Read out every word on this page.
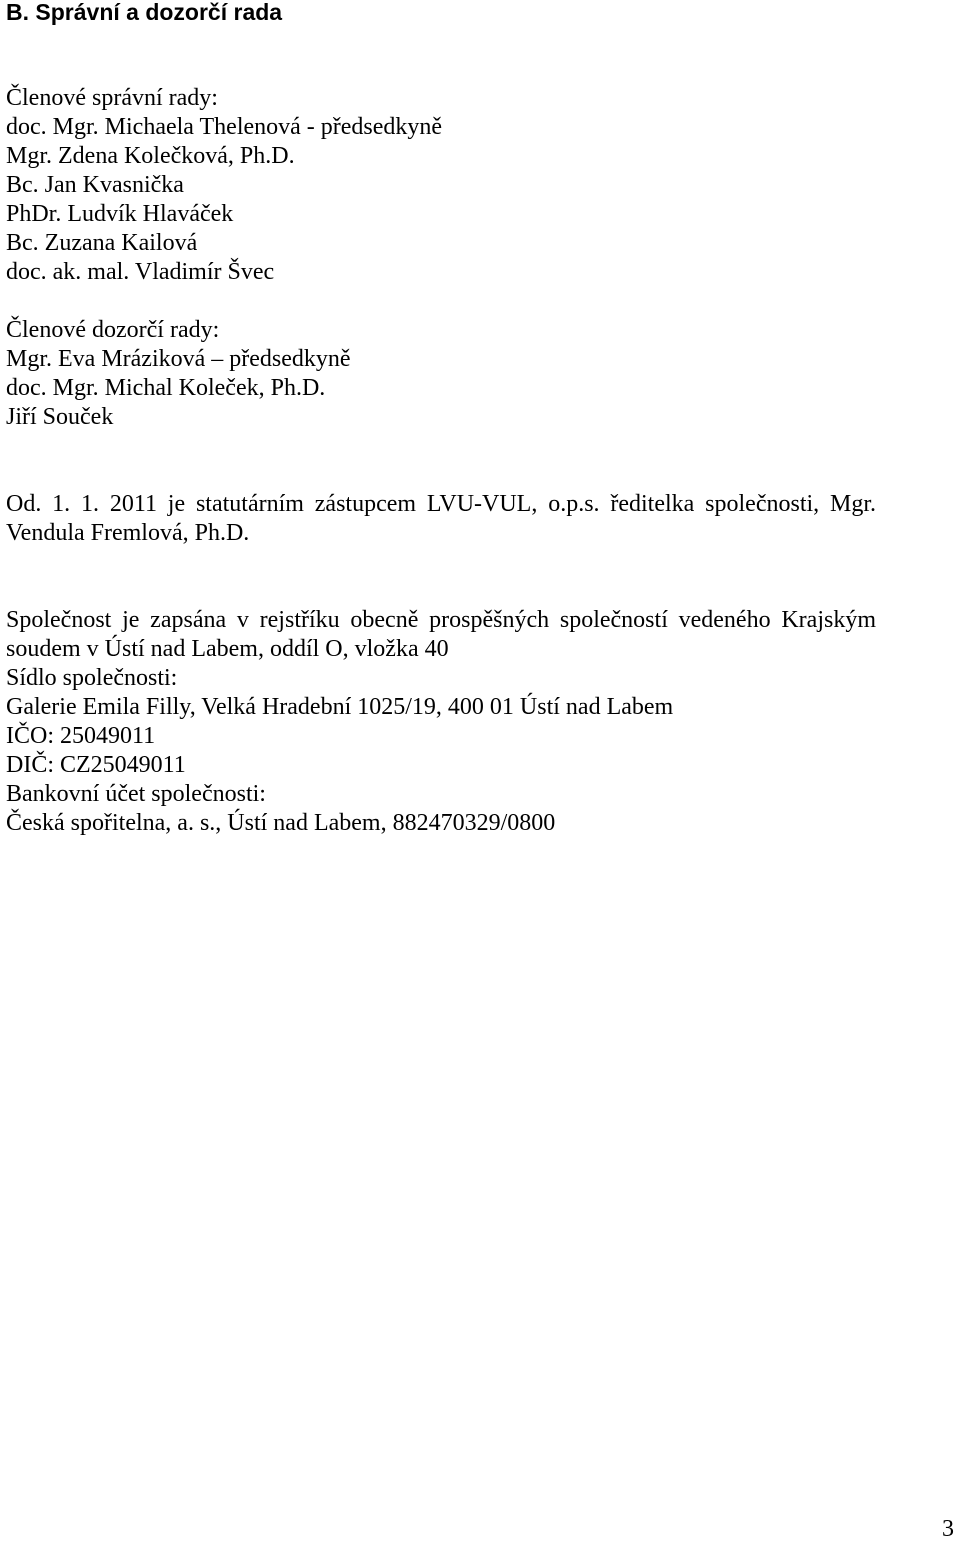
B. Správní a dozorčí rada
Členové správní rady:
doc. Mgr. Michaela Thelenová - předsedkyně
Mgr. Zdena Kolečková, Ph.D.
Bc. Jan Kvasnička
PhDr. Ludvík Hlaváček
Bc. Zuzana Kailová
doc. ak. mal. Vladimír Švec
Členové dozorčí rady:
Mgr. Eva Mráziková – předsedkyně
doc. Mgr. Michal Koleček, Ph.D.
Jiří Souček
Od. 1. 1. 2011 je statutárním zástupcem LVU-VUL, o.p.s. ředitelka společnosti, Mgr.
Vendula Fremlová, Ph.D.
Společnost je zapsána v rejstříku obecně prospěšných společností vedeného Krajským
soudem v Ústí nad Labem, oddíl O, vložka 40
Sídlo společnosti:
Galerie Emila Filly, Velká Hradební 1025/19, 400 01 Ústí nad Labem
IČO: 25049011
DIČ: CZ25049011
Bankovní účet společnosti:
Česká spořitelna, a. s., Ústí nad Labem, 882470329/0800
3
